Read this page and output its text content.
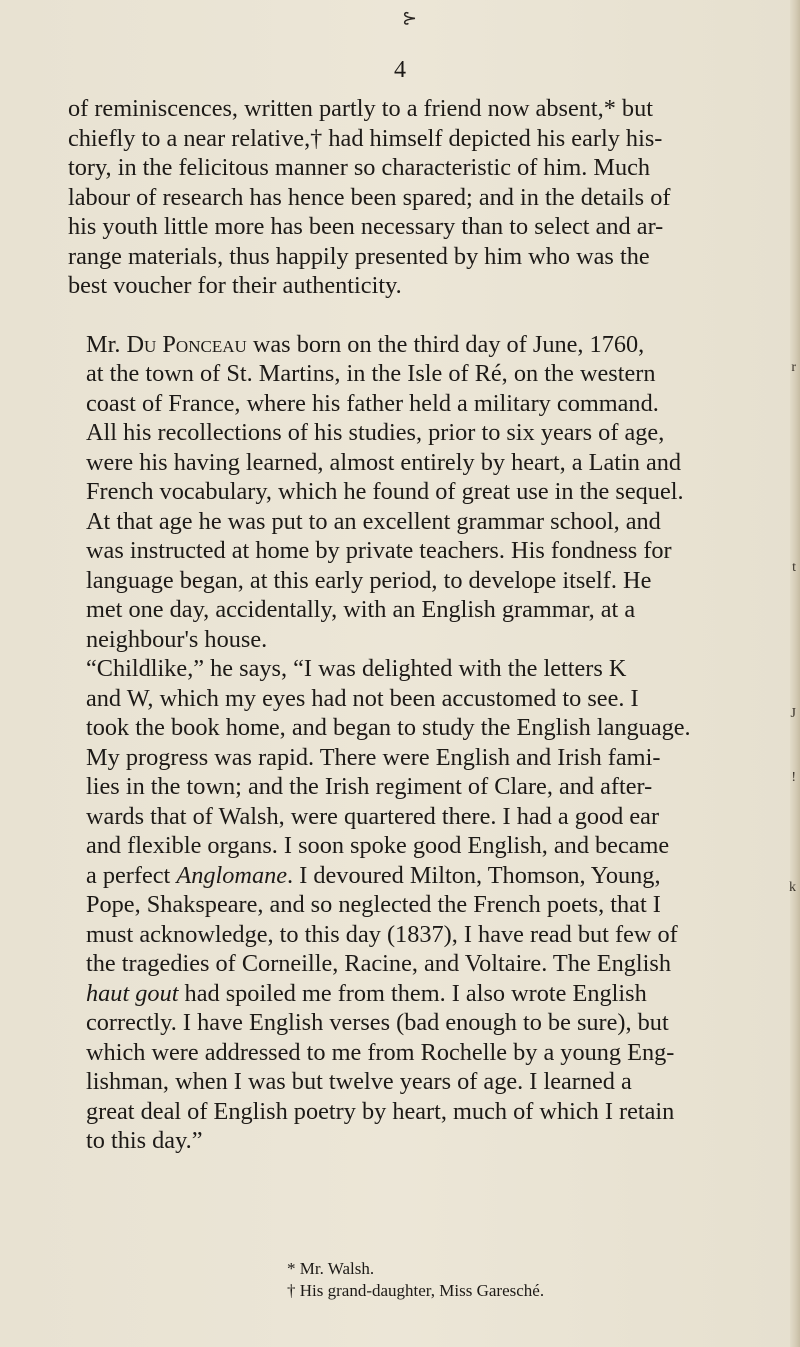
⊱
4

of reminiscences, written partly to a friend now absent,* but
chiefly to a near relative,† had himself depicted his early his-
tory, in the felicitous manner so characteristic of him. Much
labour of research has hence been spared; and in the details of
his youth little more has been necessary than to select and ar-
range materials, thus happily presented by him who was the
best voucher for their authenticity.

Mr. Du Ponceau was born on the third day of June, 1760,
at the town of St. Martins, in the Isle of Ré, on the western
coast of France, where his father held a military command.
All his recollections of his studies, prior to six years of age,
were his having learned, almost entirely by heart, a Latin and
French vocabulary, which he found of great use in the sequel.
At that age he was put to an excellent grammar school, and
was instructed at home by private teachers. His fondness for
language began, at this early period, to develope itself. He
met one day, accidentally, with an English grammar, at a
neighbour's house.

“Childlike,” he says, “I was delighted with the letters K
and W, which my eyes had not been accustomed to see. I
took the book home, and began to study the English language.
My progress was rapid. There were English and Irish fami-
lies in the town; and the Irish regiment of Clare, and after-
wards that of Walsh, were quartered there. I had a good ear
and flexible organs. I soon spoke good English, and became
a perfect Anglomane. I devoured Milton, Thomson, Young,
Pope, Shakspeare, and so neglected the French poets, that I
must acknowledge, to this day (1837), I have read but few of
the tragedies of Corneille, Racine, and Voltaire. The English
haut gout had spoiled me from them. I also wrote English
correctly. I have English verses (bad enough to be sure), but
which were addressed to me from Rochelle by a young Eng-
lishman, when I was but twelve years of age. I learned a
great deal of English poetry by heart, much of which I retain
to this day.”

* Mr. Walsh.
† His grand-daughter, Miss Garesché.
r
t
J
!
k
